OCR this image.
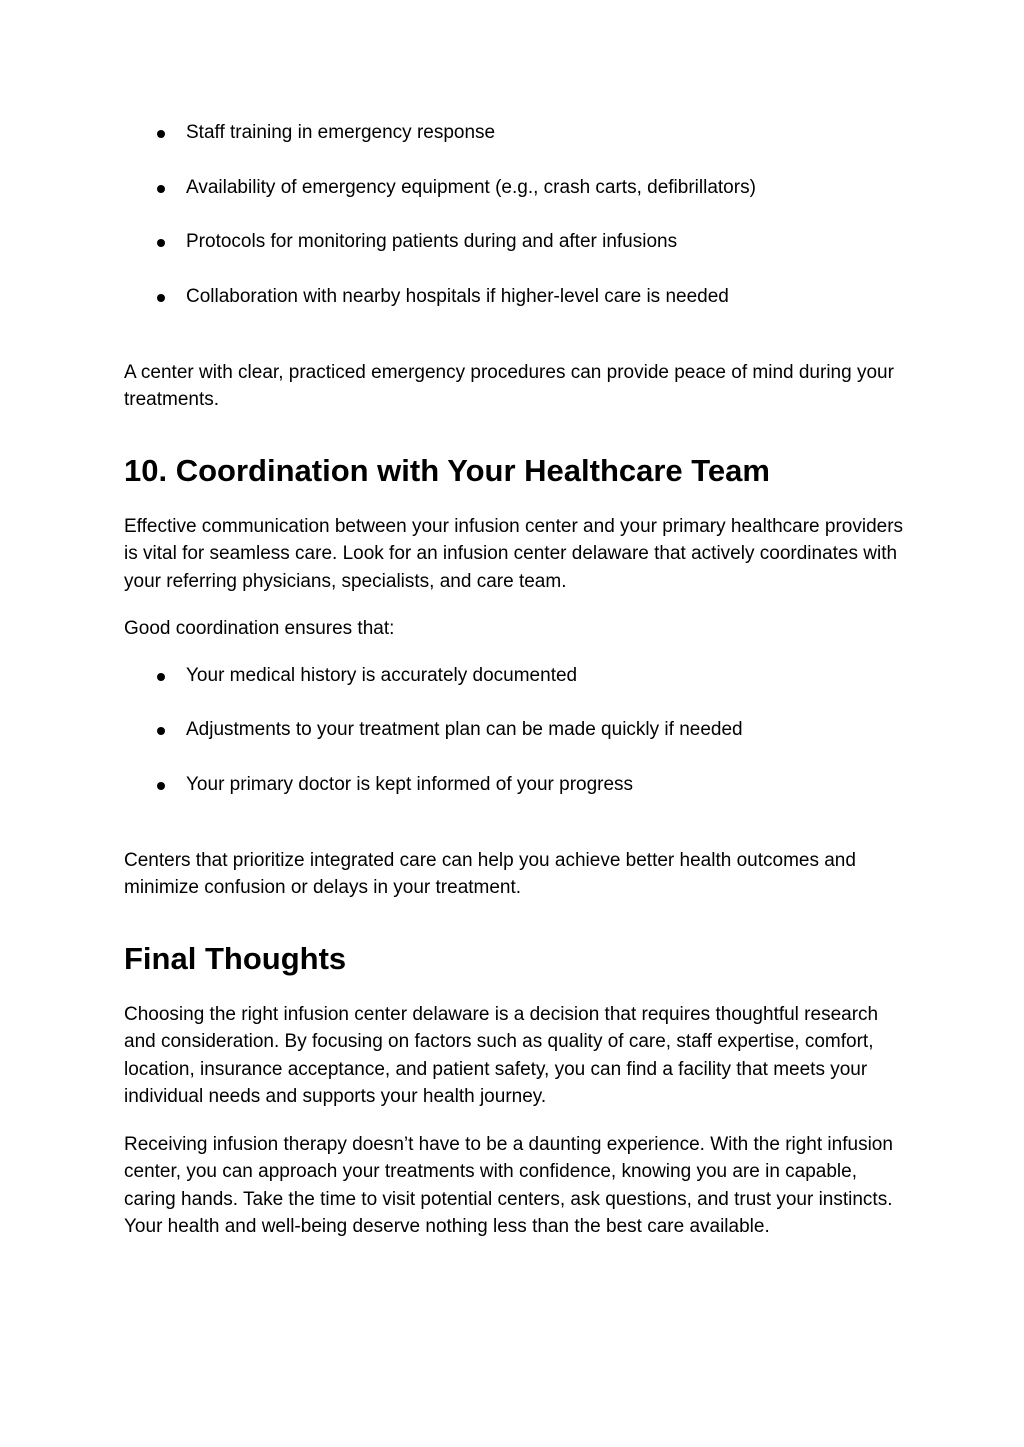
Staff training in emergency response
Availability of emergency equipment (e.g., crash carts, defibrillators)
Protocols for monitoring patients during and after infusions
Collaboration with nearby hospitals if higher-level care is needed

A center with clear, practiced emergency procedures can provide peace of mind during your treatments.

10. Coordination with Your Healthcare Team

Effective communication between your infusion center and your primary healthcare providers is vital for seamless care. Look for an infusion center delaware that actively coordinates with your referring physicians, specialists, and care team.

Good coordination ensures that:

Your medical history is accurately documented
Adjustments to your treatment plan can be made quickly if needed
Your primary doctor is kept informed of your progress

Centers that prioritize integrated care can help you achieve better health outcomes and minimize confusion or delays in your treatment.

Final Thoughts

Choosing the right infusion center delaware is a decision that requires thoughtful research and consideration. By focusing on factors such as quality of care, staff expertise, comfort, location, insurance acceptance, and patient safety, you can find a facility that meets your individual needs and supports your health journey.

Receiving infusion therapy doesn’t have to be a daunting experience. With the right infusion center, you can approach your treatments with confidence, knowing you are in capable, caring hands. Take the time to visit potential centers, ask questions, and trust your instincts. Your health and well-being deserve nothing less than the best care available.
